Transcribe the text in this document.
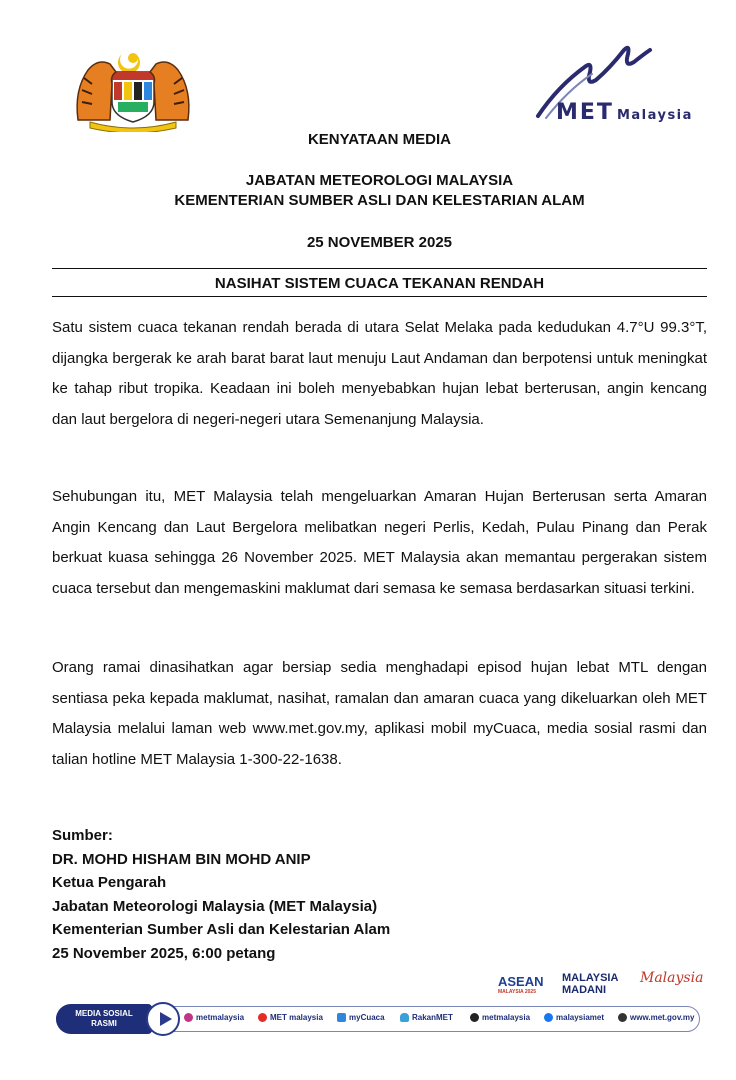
MET Malaysia
KENYATAAN MEDIA
JABATAN METEOROLOGI MALAYSIA
KEMENTERIAN SUMBER ASLI DAN KELESTARIAN ALAM
25 NOVEMBER 2025
NASIHAT SISTEM CUACA TEKANAN RENDAH

Satu sistem cuaca tekanan rendah berada di utara Selat Melaka pada kedudukan 4.7°U 99.3°T, dijangka bergerak ke arah barat barat laut menuju Laut Andaman dan berpotensi untuk meningkat ke tahap ribut tropika. Keadaan ini boleh menyebabkan hujan lebat berterusan, angin kencang dan laut bergelora di negeri-negeri utara Semenanjung Malaysia.

Sehubungan itu, MET Malaysia telah mengeluarkan Amaran Hujan Berterusan serta Amaran Angin Kencang dan Laut Bergelora melibatkan negeri Perlis, Kedah, Pulau Pinang dan Perak berkuat kuasa sehingga 26 November 2025. MET Malaysia akan memantau pergerakan sistem cuaca tersebut dan mengemaskini maklumat dari semasa ke semasa berdasarkan situasi terkini.

Orang ramai dinasihatkan agar bersiap sedia menghadapi episod hujan lebat MTL dengan sentiasa peka kepada maklumat, nasihat, ramalan dan amaran cuaca yang dikeluarkan oleh MET Malaysia melalui laman web www.met.gov.my, aplikasi mobil myCuaca, media sosial rasmi dan talian hotline MET Malaysia 1-300-22-1638.

Sumber:
DR. MOHD HISHAM BIN MOHD ANIP
Ketua Pengarah
Jabatan Meteorologi Malaysia (MET Malaysia)
Kementerian Sumber Asli dan Kelestarian Alam
25 November 2025, 6:00 petang
ASEAN
MALAYSIA 2025
MALAYSIA
MADANI
Malaysia
MEDIA SOSIAL
RASMI
metmalaysia	MET malaysia	myCuaca	RakanMET	metmalaysia	malaysiamet	www.met.gov.my
